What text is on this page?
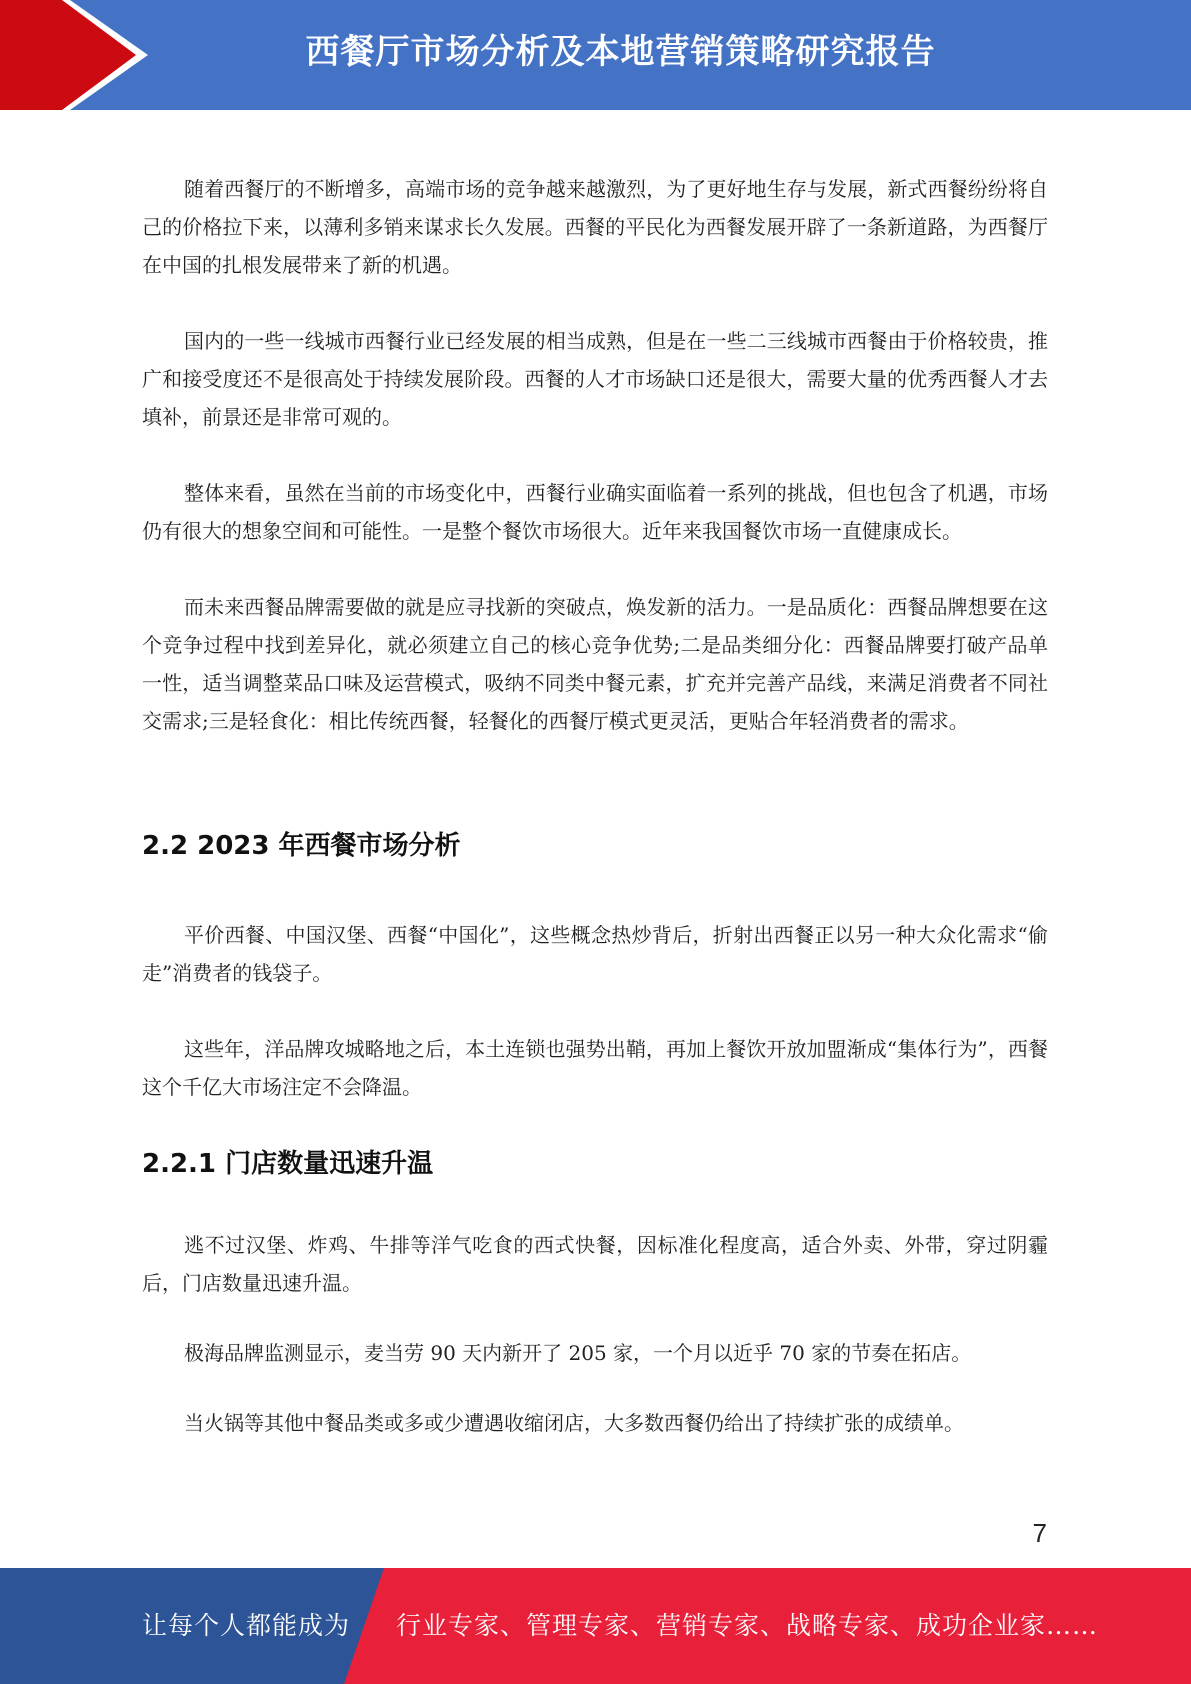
西餐厅市场分析及本地营销策略研究报告

随着西餐厅的不断增多，高端市场的竞争越来越激烈，为了更好地生存与发展，新式西餐纷纷将自己的价格拉下来，以薄利多销来谋求长久发展。西餐的平民化为西餐发展开辟了一条新道路，为西餐厅在中国的扎根发展带来了新的机遇。

国内的一些一线城市西餐行业已经发展的相当成熟，但是在一些二三线城市西餐由于价格较贵，推广和接受度还不是很高处于持续发展阶段。西餐的人才市场缺口还是很大，需要大量的优秀西餐人才去填补，前景还是非常可观的。

整体来看，虽然在当前的市场变化中，西餐行业确实面临着一系列的挑战，但也包含了机遇，市场仍有很大的想象空间和可能性。一是整个餐饮市场很大。近年来我国餐饮市场一直健康成长。

而未来西餐品牌需要做的就是应寻找新的突破点，焕发新的活力。一是品质化：西餐品牌想要在这个竞争过程中找到差异化，就必须建立自己的核心竞争优势;二是品类细分化：西餐品牌要打破产品单一性，适当调整菜品口味及运营模式，吸纳不同类中餐元素，扩充并完善产品线，来满足消费者不同社交需求;三是轻食化：相比传统西餐，轻餐化的西餐厅模式更灵活，更贴合年轻消费者的需求。

2.2 2023 年西餐市场分析

平价西餐、中国汉堡、西餐“中国化”，这些概念热炒背后，折射出西餐正以另一种大众化需求“偷走”消费者的钱袋子。

这些年，洋品牌攻城略地之后，本土连锁也强势出鞘，再加上餐饮开放加盟渐成“集体行为”，西餐这个千亿大市场注定不会降温。

2.2.1 门店数量迅速升温

逃不过汉堡、炸鸡、牛排等洋气吃食的西式快餐，因标准化程度高，适合外卖、外带，穿过阴霾后，门店数量迅速升温。

极海品牌监测显示，麦当劳 90 天内新开了 205 家，一个月以近乎 70 家的节奏在拓店。

当火锅等其他中餐品类或多或少遭遇收缩闭店，大多数西餐仍给出了持续扩张的成绩单。

7
让每个人都能成为 行业专家、管理专家、营销专家、战略专家、成功企业家……
